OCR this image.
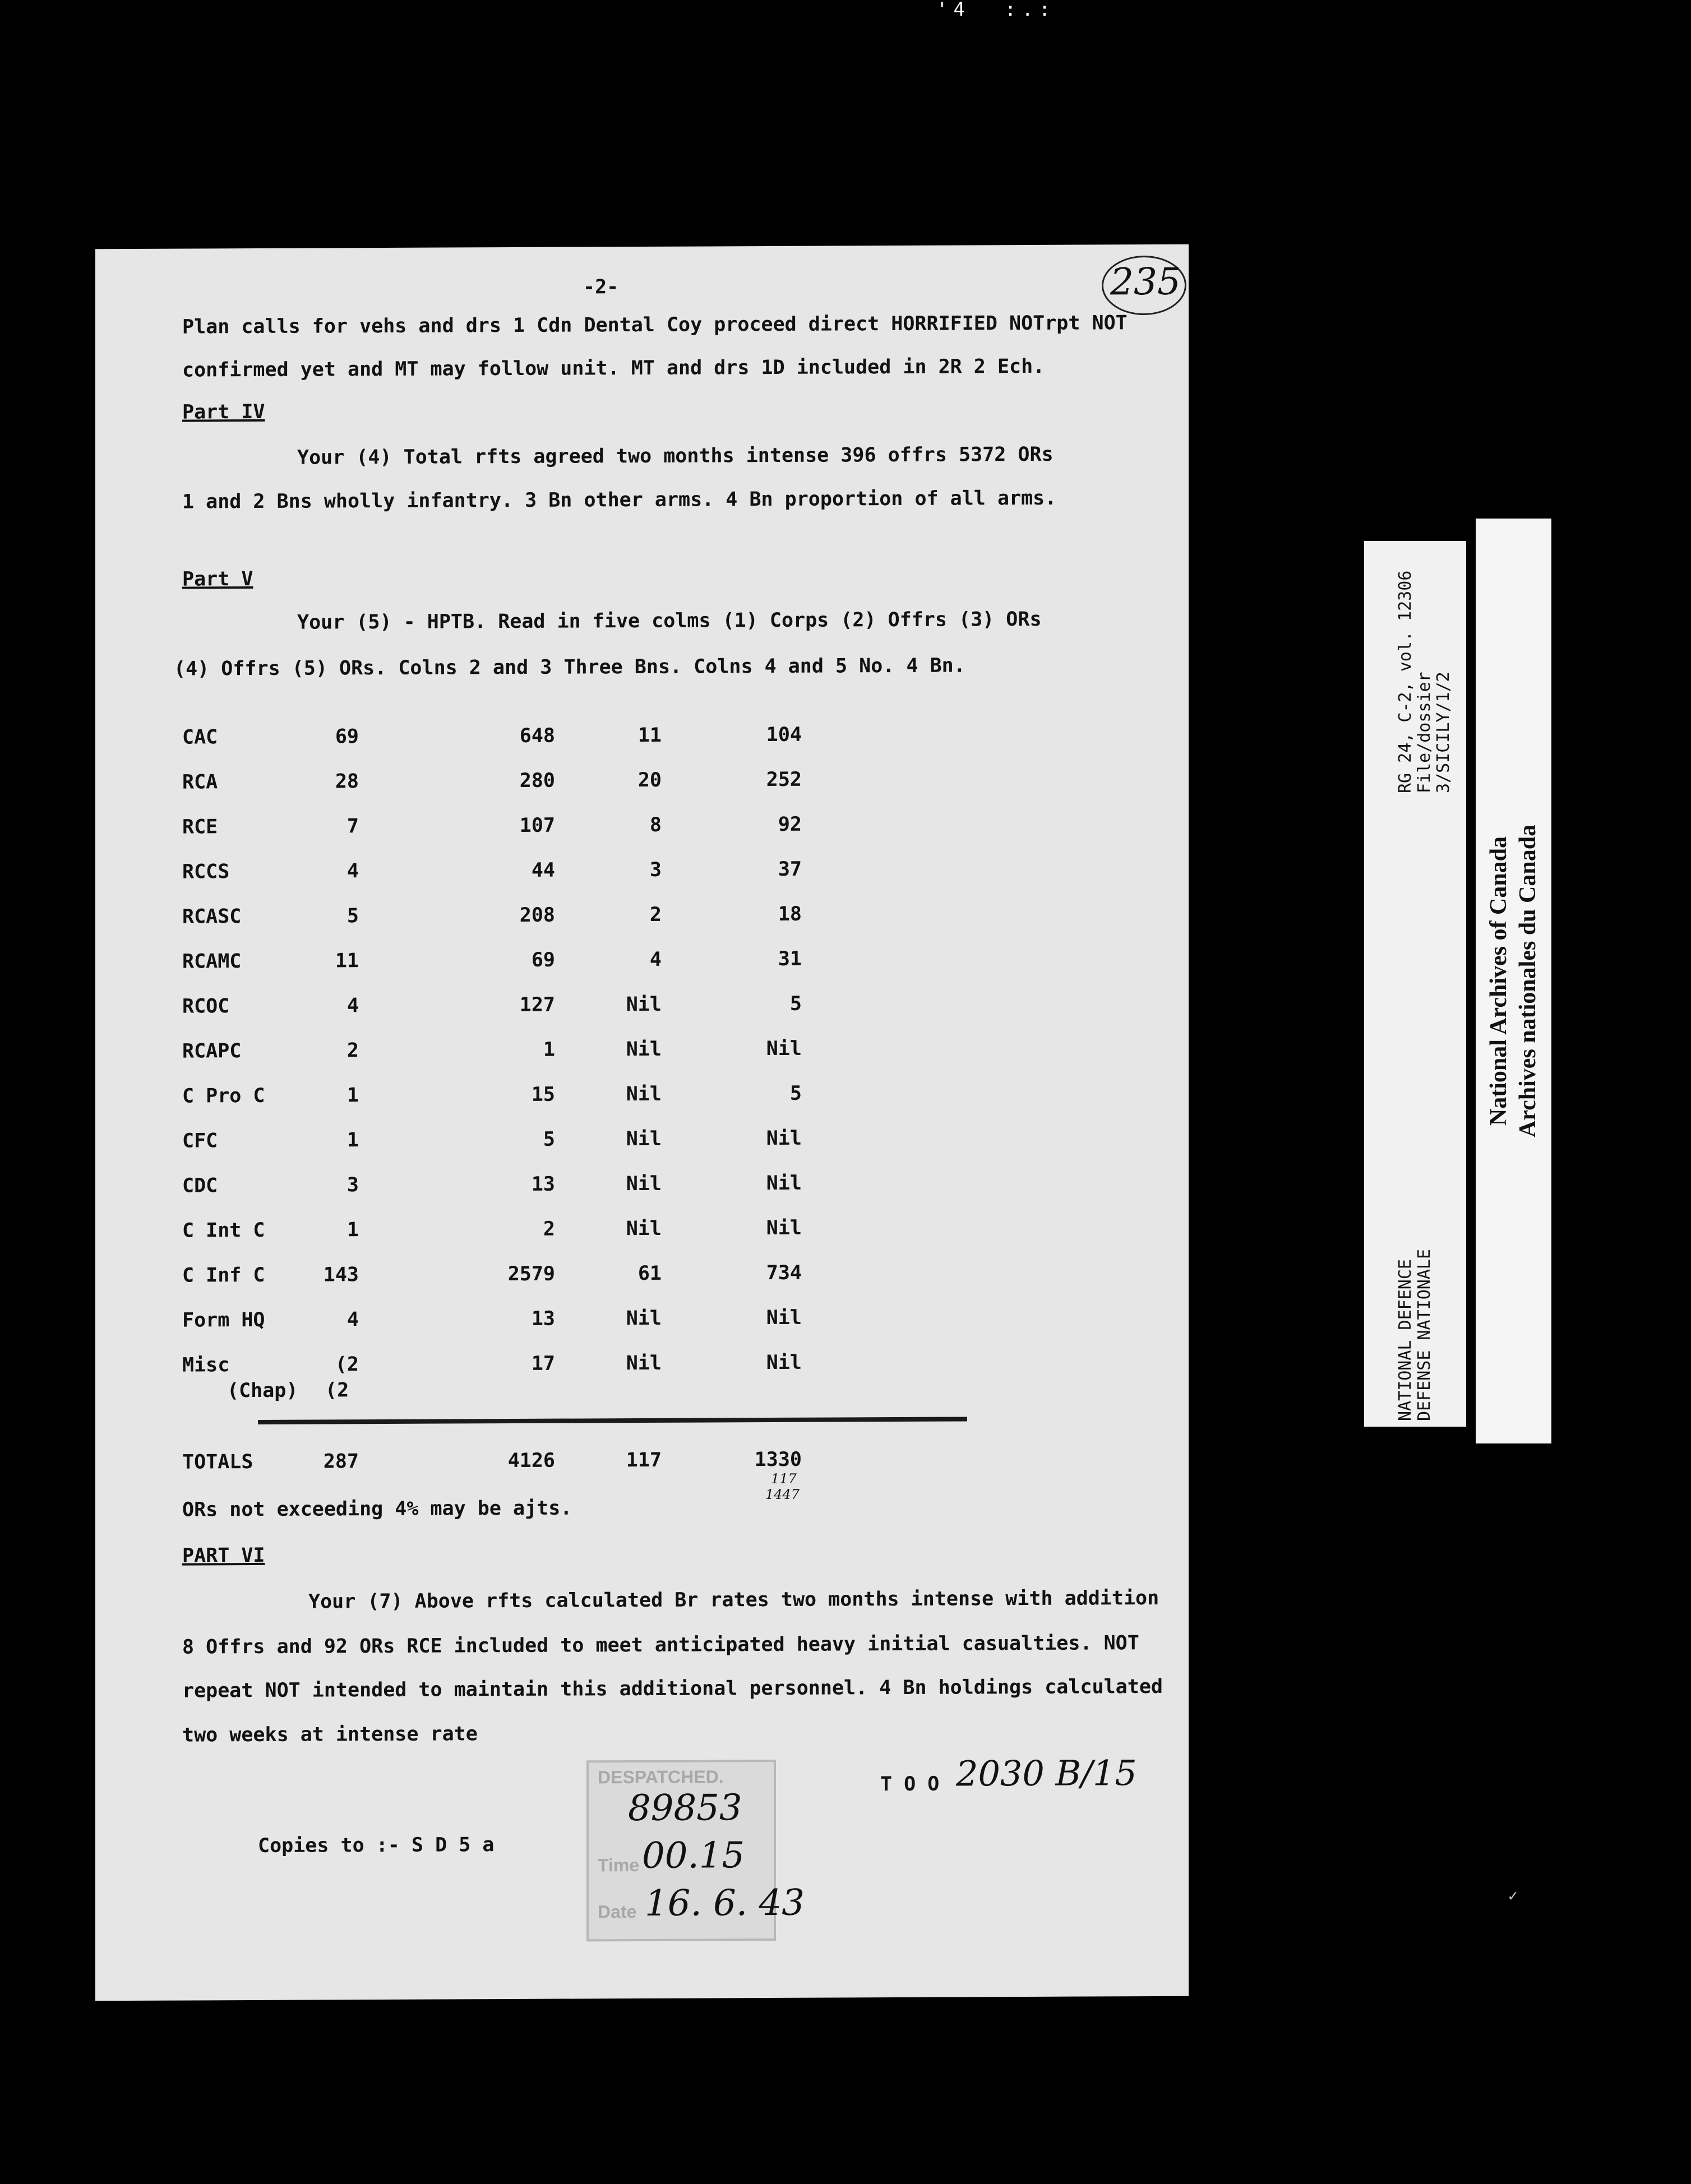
'4  :.:
235
-2-
Plan calls for vehs and drs 1 Cdn Dental Coy proceed direct HORRIFIED NOTrpt NOT
confirmed yet and MT may follow unit. MT and drs 1D included in 2R 2 Ech.
Part IV
Your (4) Total rfts agreed two months intense 396 offrs 5372 ORs
1 and 2 Bns wholly infantry. 3 Bn other arms. 4 Bn proportion of all arms.
Part V
Your (5) - HPTB. Read in five colms (1) Corps (2) Offrs (3) ORs
(4) Offrs (5) ORs. Colns 2 and 3 Three Bns. Colns 4 and 5 No. 4 Bn.
CAC	69	648	11	104
RCA	28	280	20	252
RCE	7	107	8	92
RCCS	4	44	3	37
RCASC	5	208	2	18
RCAMC	11	69	4	31
RCOC	4	127	Nil	5
RCAPC	2	1	Nil	Nil
C Pro C	1	15	Nil	5
CFC	1	5	Nil	Nil
CDC	3	13	Nil	Nil
C Int C	1	2	Nil	Nil
C Inf C	143	2579	61	734
Form HQ	4	13	Nil	Nil
Misc	(2	17	Nil	Nil
(Chap) (2
TOTALS	287	4126	117	1330
117
1447
ORs not exceeding 4% may be ajts.
PART VI
Your (7) Above rfts calculated Br rates two months intense with addition
8 Offrs and 92 ORs RCE included to meet anticipated heavy initial casualties. NOT
repeat NOT intended to maintain this additional personnel. 4 Bn holdings calculated
two weeks at intense rate
T O O 2030 B/15
Copies to :- S D 5 a
DESPATCHED.
Time
Date
89853
00.15
16. 6. 43
NATIONAL DEFENCE DEFENSE NATIONALE
RG 24, C-2, vol. 12306 File/dossier 3/SICILY/1/2
National Archives of Canada Archives nationales du Canada
✓
